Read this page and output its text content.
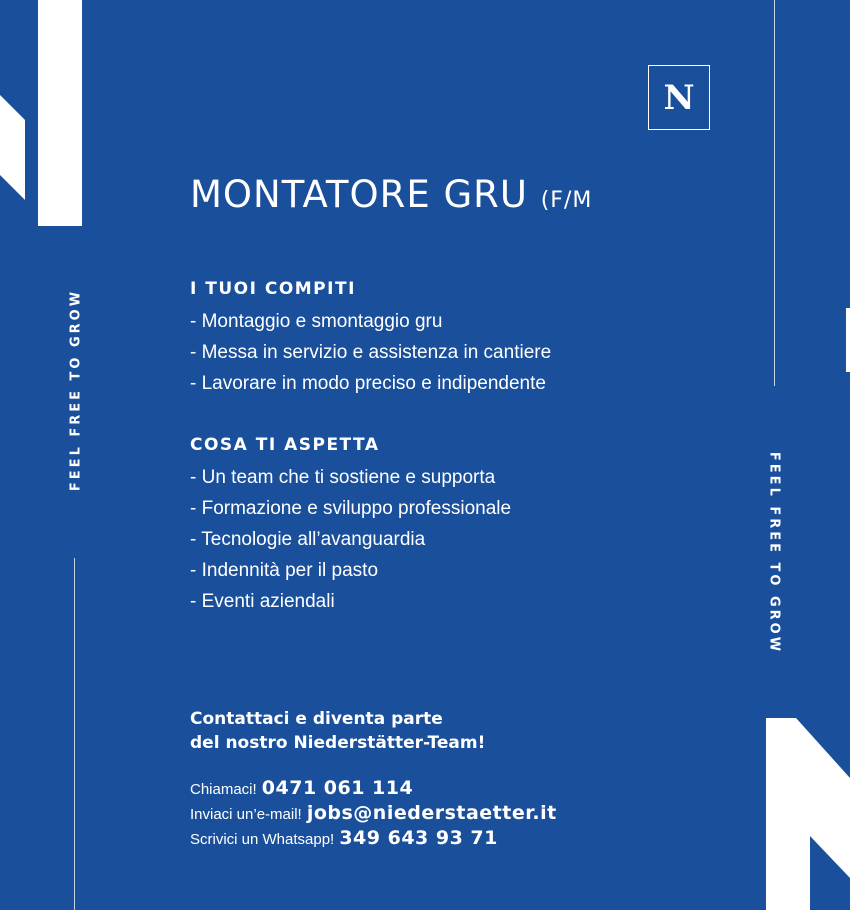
FEEL FREE TO GROW
FEEL FREE TO GROW
N
MONTATORE GRU (F/M
I TUOI COMPITI
- Montaggio e smontaggio gru
- Messa in servizio e assistenza in cantiere
- Lavorare in modo preciso e indipendente
COSA TI ASPETTA
- Un team che ti sostiene e supporta
- Formazione e sviluppo professionale
- Tecnologie all’avanguardia
- Indennità per il pasto
- Eventi aziendali
Contattaci e diventa parte
del nostro Niederstätter-Team!
Chiamaci! 0471 061 114
Inviaci un’e-mail! jobs@niederstaetter.it
Scrivici un Whatsapp! 349 643 93 71
